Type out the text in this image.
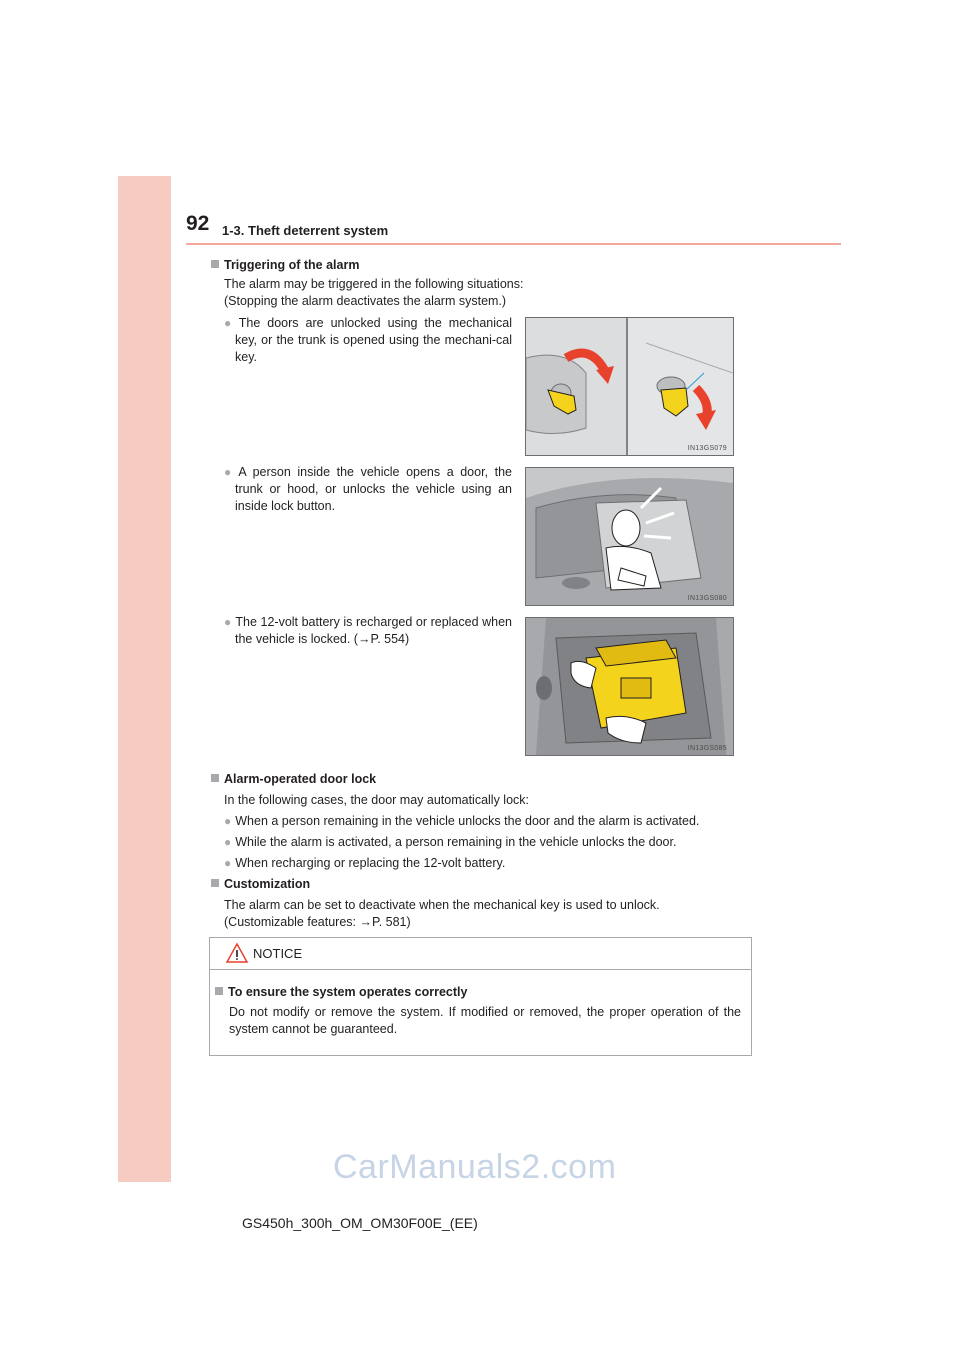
92 1-3. Theft deterrent system

Triggering of the alarm

The alarm may be triggered in the following situations:

(Stopping the alarm deactivates the alarm system.)

● The doors are unlocked using the mechanical key, or the trunk is opened using the mechani-cal key.

● A person inside the vehicle opens a door, the trunk or hood, or unlocks the vehicle using an inside lock button.

● The 12-volt battery is recharged or replaced when the vehicle is locked. (→P. 554)

IN13GS079
IN13GS080
IN13GS085

Alarm-operated door lock

In the following cases, the door may automatically lock:

● When a person remaining in the vehicle unlocks the door and the alarm is activated.

● While the alarm is activated, a person remaining in the vehicle unlocks the door.

● When recharging or replacing the 12-volt battery.

Customization

The alarm can be set to deactivate when the mechanical key is used to unlock.

(Customizable features: →P. 581)

NOTICE

To ensure the system operates correctly

Do not modify or remove the system. If modified or removed, the proper operation of the system cannot be guaranteed.

CarManuals2.com
GS450h_300h_OM_OM30F00E_(EE)
